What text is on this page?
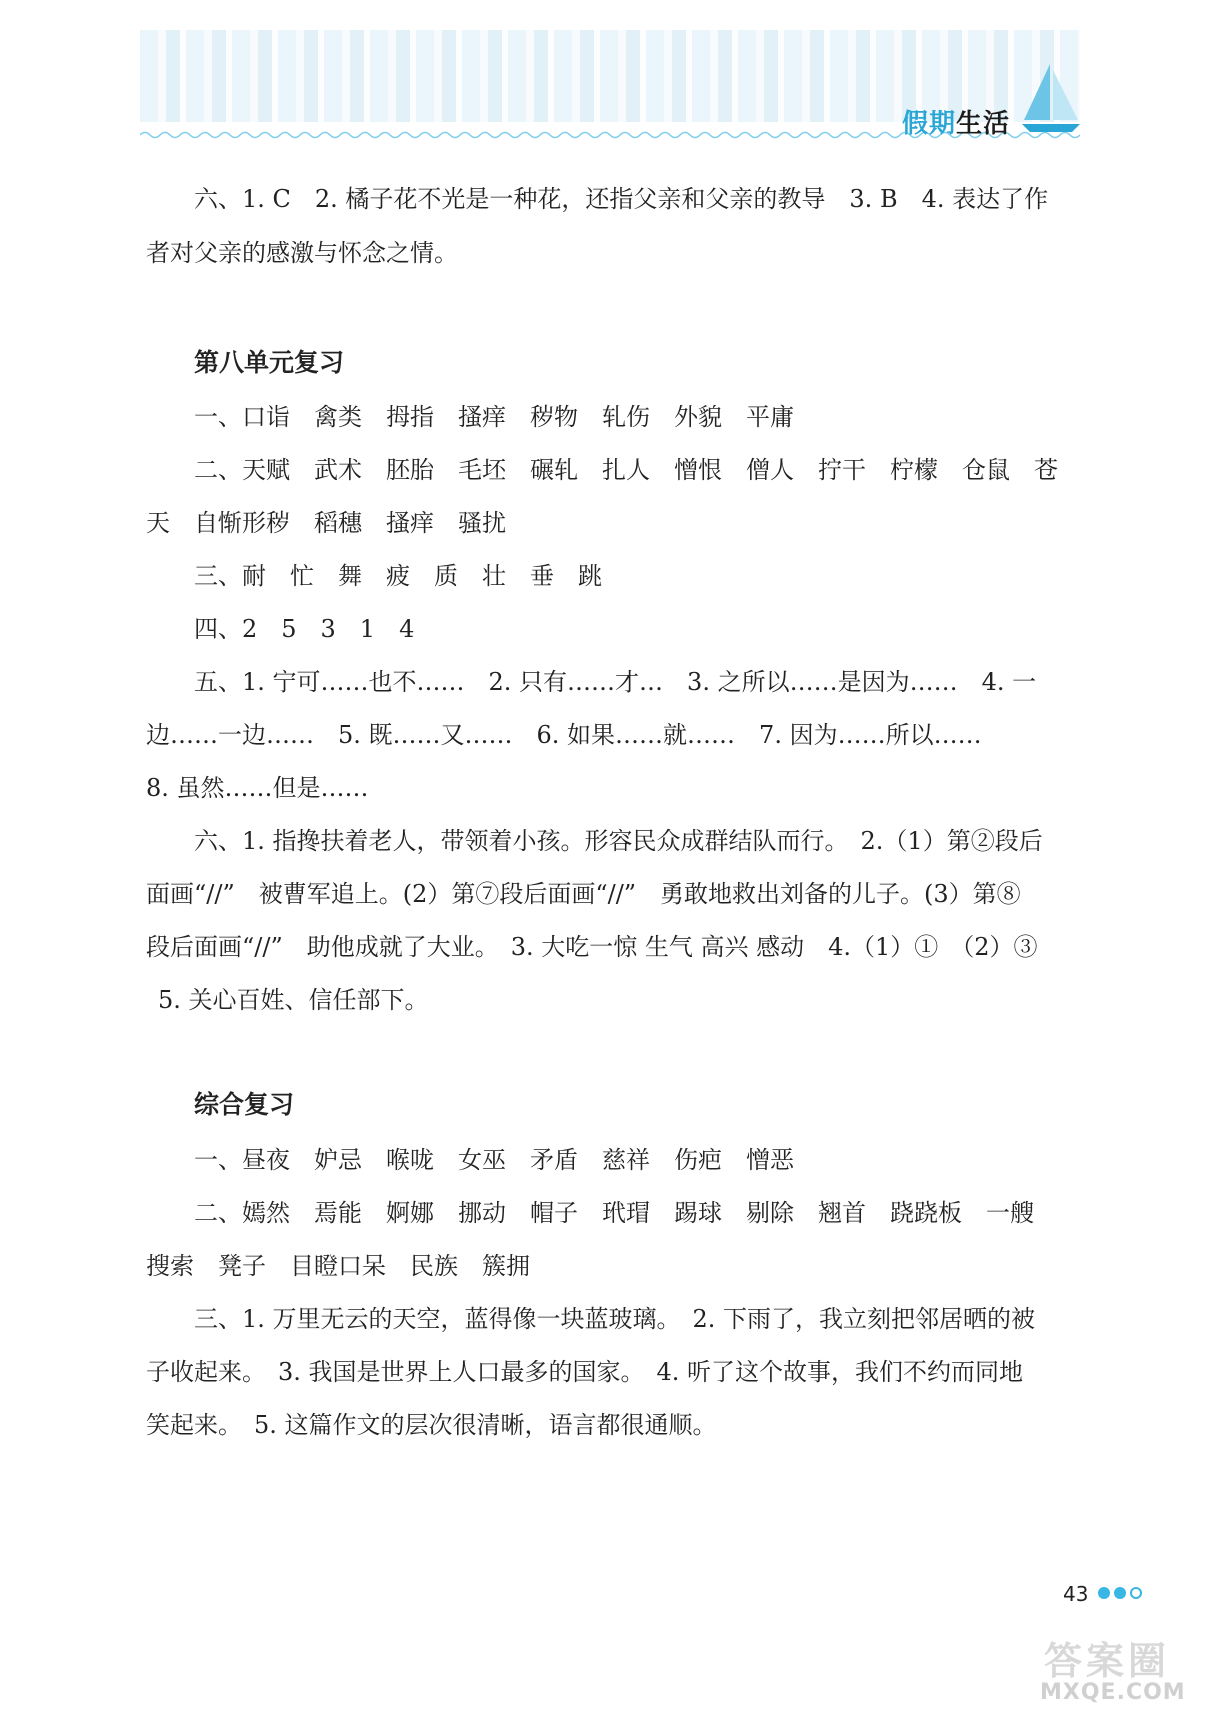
假期生活
六、1. C　2. 橘子花不光是一种花，还指父亲和父亲的教导　3. B　4. 表达了作
者对父亲的感激与怀念之情。
第八单元复习
一、口诣　禽类　拇指　搔痒　秽物　轧伤　外貌　平庸
二、天赋　武术　胚胎　毛坯　碾轧　扎人　憎恨　僧人　拧干　柠檬　仓鼠　苍
天　自惭形秽　稻穗　搔痒　骚扰
三、耐　忙　舞　疲　质　壮　垂　跳
四、2　5　3　1　4
五、1. 宁可……也不……　2. 只有……才…　3. 之所以……是因为……　4. 一
边……一边……　5. 既……又……　6. 如果……就……　7. 因为……所以……
8. 虽然……但是……
六、1. 指搀扶着老人，带领着小孩。形容民众成群结队而行。　2.（1）第②段后
面画“//”　被曹军追上。(2）第⑦段后面画“//”　勇敢地救出刘备的儿子。(3）第⑧
段后面画“//”　助他成就了大业。　3. 大吃一惊 生气 高兴 感动　4.（1）①　（2）③
5. 关心百姓、信任部下。
综合复习
一、昼夜　妒忌　喉咙　女巫　矛盾　慈祥　伤疤　憎恶
二、嫣然　焉能　婀娜　挪动　帽子　玳瑁　踢球　剔除　翘首　跷跷板　一艘
搜索　凳子　目瞪口呆　民族　簇拥
三、1. 万里无云的天空，蓝得像一块蓝玻璃。　2. 下雨了，我立刻把邻居晒的被
子收起来。　3. 我国是世界上人口最多的国家。　4. 听了这个故事，我们不约而同地
笑起来。　5. 这篇作文的层次很清晰，语言都很通顺。
43
答案圈
MXQE.COM
